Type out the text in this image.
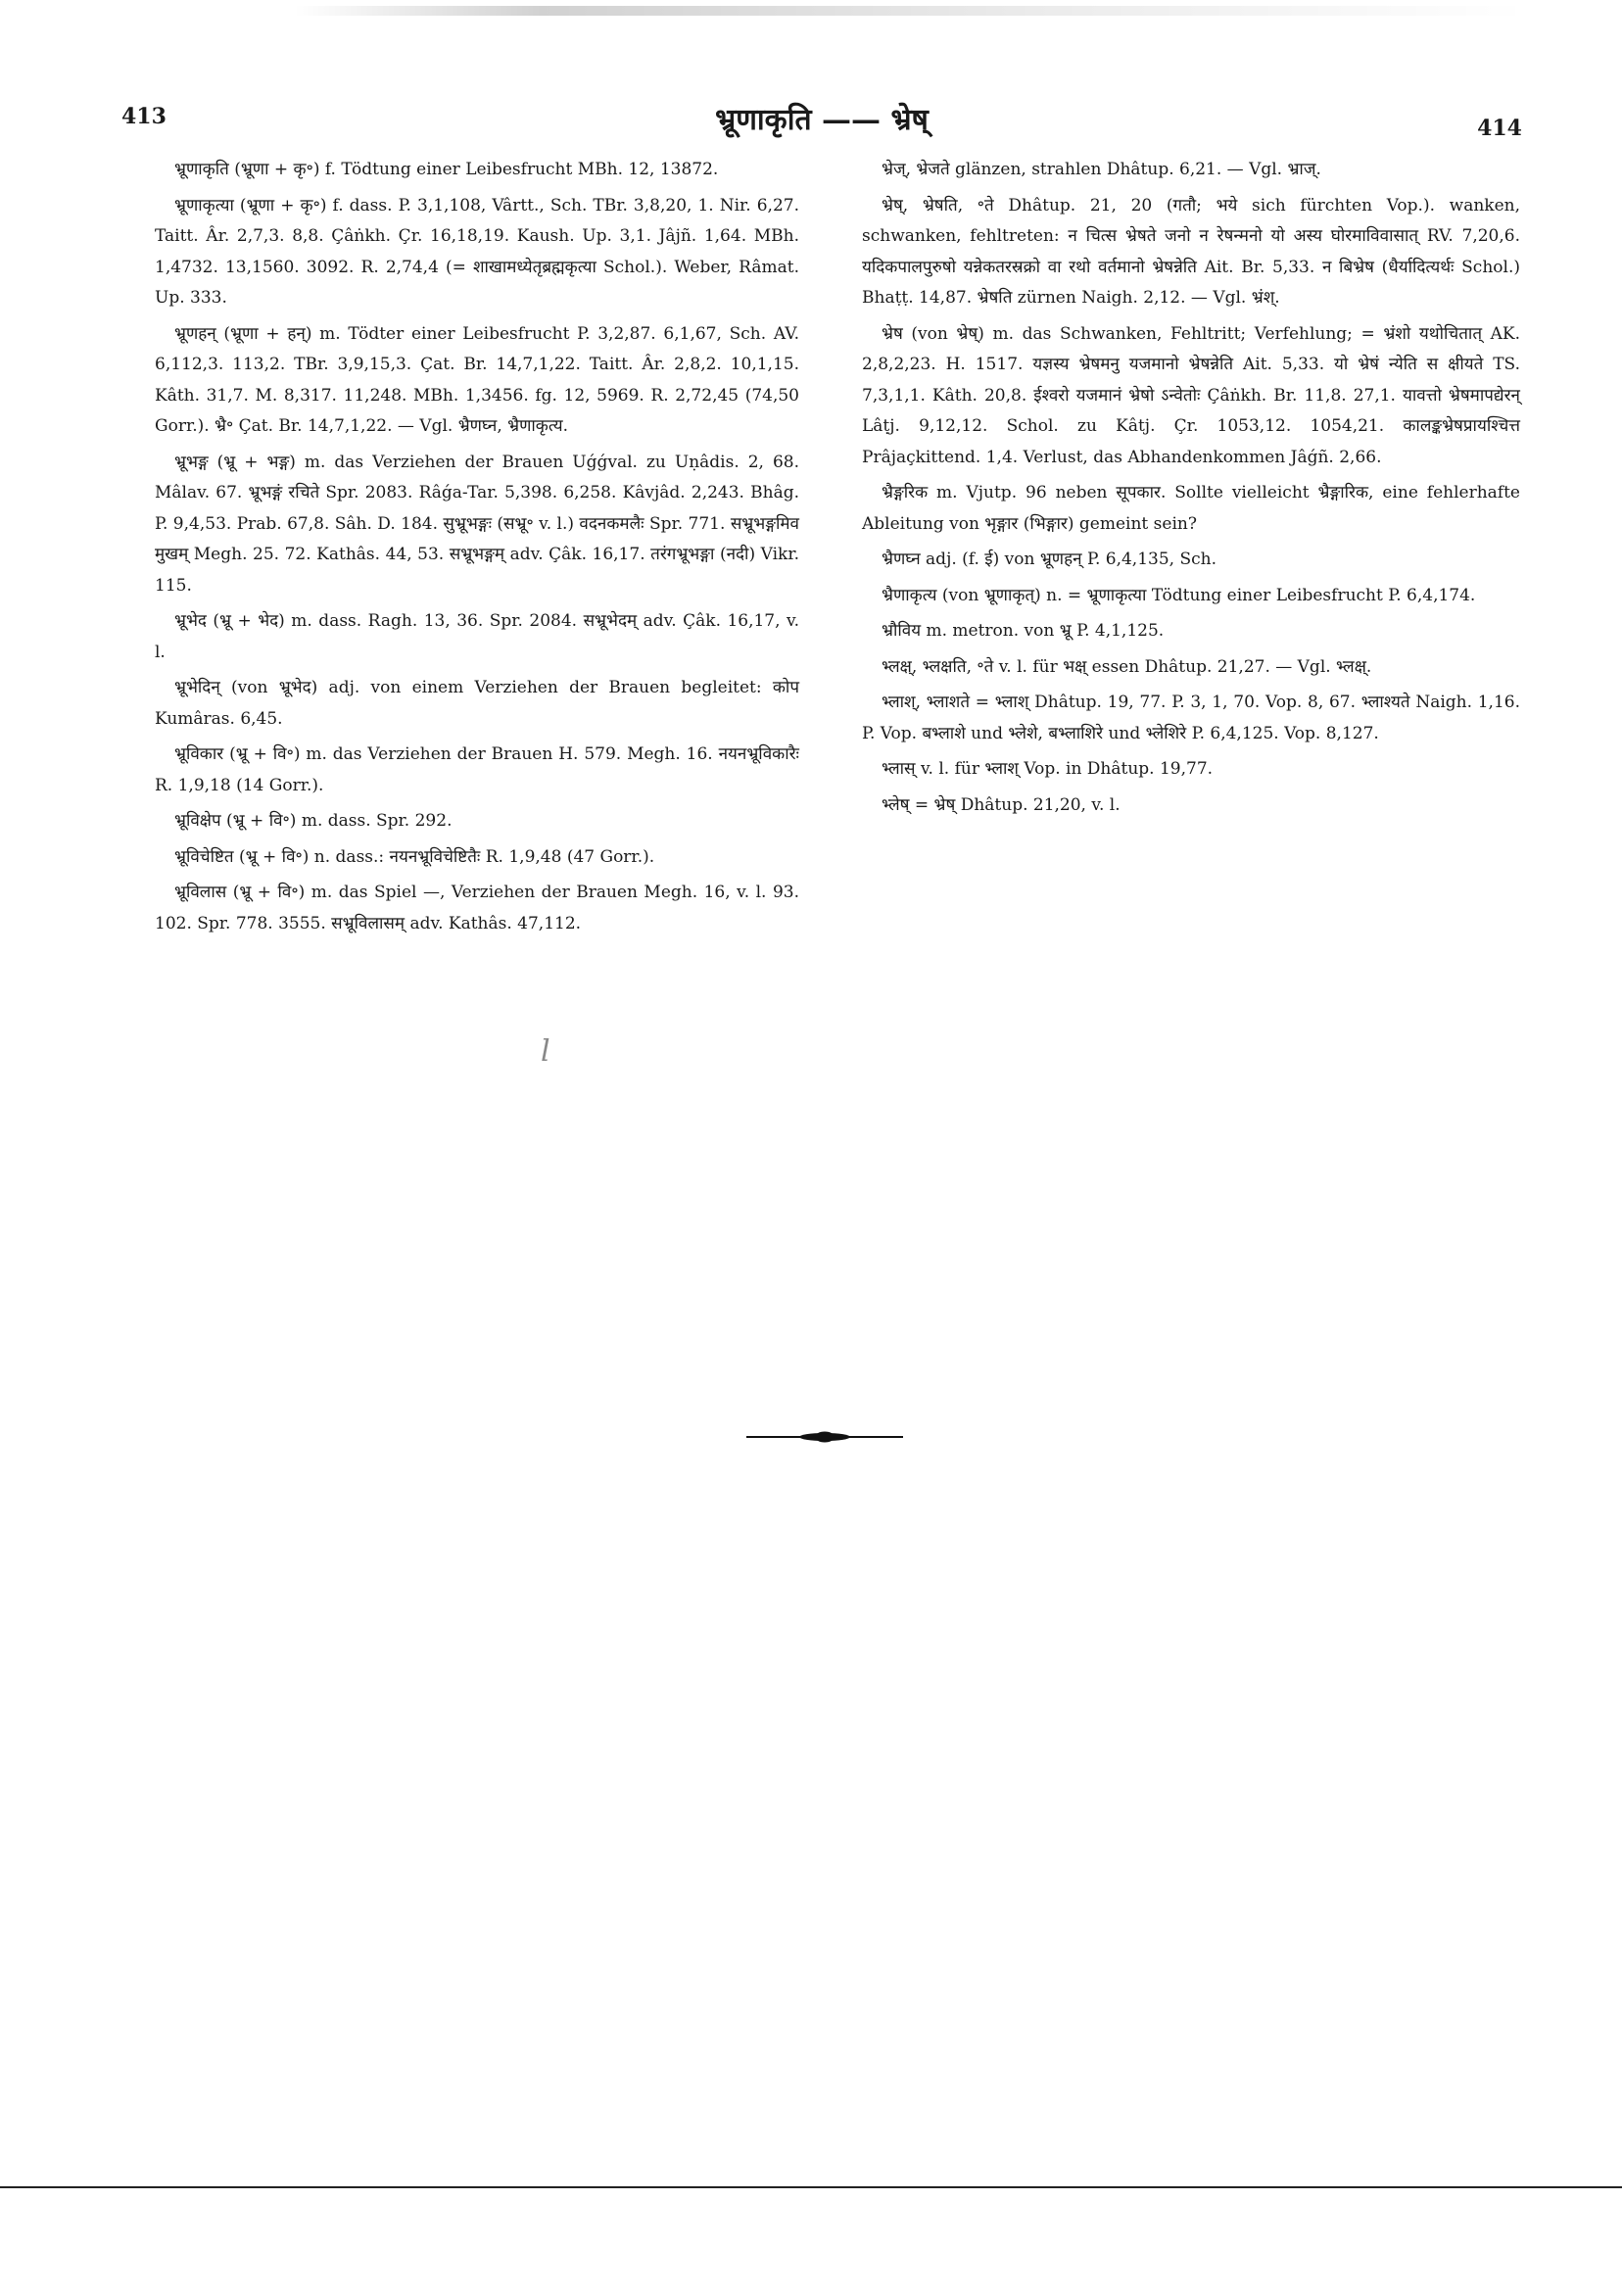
413	भ्रूणाकृति —— भ्रेष्	414

भ्रूणाकृति (भ्रूणा + कृ॰) f. Tödtung einer Leibesfrucht MBh. 12, 13872.

भ्रूणाकृत्या (भ्रूणा + कृ॰) f. dass. P. 3,1,108, Vârtt., Sch. TBr. 3,8,20, 1. Nir. 6,27. Taitt. Âr. 2,7,3. 8,8. Çâṅkh. Çr. 16,18,19. Kaush. Up. 3,1. Jâjñ. 1,64. MBh. 1,4732. 13,1560. 3092. R. 2,74,4 (= शाखामध्येतृब्रह्मकृत्या Schol.). Weber, Râmat. Up. 333.

भ्रूणहन् (भ्रूणा + हन्) m. Tödter einer Leibesfrucht P. 3,2,87. 6,1,67, Sch. AV. 6,112,3. 113,2. TBr. 3,9,15,3. Çat. Br. 14,7,1,22. Taitt. Âr. 2,8,2. 10,1,15. Kâth. 31,7. M. 8,317. 11,248. MBh. 1,3456. fg. 12, 5969. R. 2,72,45 (74,50 Gorr.). भ्रै॰ Çat. Br. 14,7,1,22. — Vgl. भ्रैणघ्न, भ्रैणाकृत्य.

भ्रूभङ्ग (भ्रू + भङ्ग) m. das Verziehen der Brauen Uǵǵval. zu Uṇâdis. 2, 68. Mâlav. 67. भ्रूभङ्गं रचिते Spr. 2083. Râǵa-Tar. 5,398. 6,258. Kâvjâd. 2,243. Bhâg. P. 9,4,53. Prab. 67,8. Sâh. D. 184. सुभ्रूभङ्गः (सभ्रू॰ v. l.) वदनकमलैः Spr. 771. सभ्रूभङ्गमिव मुखम् Megh. 25. 72. Kathâs. 44, 53. सभ्रूभङ्गम् adv. Çâk. 16,17. तरंगभ्रूभङ्गा (नदी) Vikr. 115.

भ्रूभेद (भ्रू + भेद) m. dass. Ragh. 13, 36. Spr. 2084. सभ्रूभेदम् adv. Çâk. 16,17, v. l.

भ्रूभेदिन् (von भ्रूभेद) adj. von einem Verziehen der Brauen begleitet: कोप Kumâras. 6,45.

भ्रूविकार (भ्रू + वि॰) m. das Verziehen der Brauen H. 579. Megh. 16. नयनभ्रूविकारैः R. 1,9,18 (14 Gorr.).

भ्रूविक्षेप (भ्रू + वि॰) m. dass. Spr. 292.

भ्रूविचेष्टित (भ्रू + वि॰) n. dass.: नयनभ्रूविचेष्टितैः R. 1,9,48 (47 Gorr.).

भ्रूविलास (भ्रू + वि॰) m. das Spiel —, Verziehen der Brauen Megh. 16, v. l. 93. 102. Spr. 778. 3555. सभ्रूविलासम् adv. Kathâs. 47,112.

भ्रेज्, भ्रेजते glänzen, strahlen Dhâtup. 6,21. — Vgl. भ्राज्.

भ्रेष्, भ्रेषति, ॰ते Dhâtup. 21, 20 (गतौ; भये sich fürchten Vop.). wanken, schwanken, fehltreten: न चित्स भ्रेषते जनो न रेषन्मनो यो अस्य घोरमाविवासात् RV. 7,20,6. यदिकपालपुरुषो यन्नेकतरस्रक्रो वा रथो वर्तमानो भ्रेषन्नेति Ait. Br. 5,33. न बिभ्रेष (धैर्यादित्यर्थः Schol.) Bhaṭṭ. 14,87. भ्रेषति zürnen Naigh. 2,12. — Vgl. भ्रंश्.

भ्रेष (von भ्रेष्) m. das Schwanken, Fehltritt; Verfehlung; = भ्रंशो यथोचितात् AK. 2,8,2,23. H. 1517. यज्ञस्य भ्रेषमनु यजमानो भ्रेषन्नेति Ait. 5,33. यो भ्रेषं न्येति स क्षीयते TS. 7,3,1,1. Kâth. 20,8. ईश्वरो यजमानं भ्रेषो ऽन्वेतोः Çâṅkh. Br. 11,8. 27,1. यावत्तो भ्रेषमापद्येरन् Lâṭj. 9,12,12. Schol. zu Kâtj. Çr. 1053,12. 1054,21. कालङ्कभ्रेषप्रायश्चित्त Prâjaçkittend. 1,4. Verlust, das Abhandenkommen Jâǵñ. 2,66.

भ्रैङ्गरिक m. Vjutp. 96 neben सूपकार. Sollte vielleicht भ्रैङ्गारिक, eine fehlerhafte Ableitung von भृङ्गार (भिङ्गार) gemeint sein?

भ्रैणघ्न adj. (f. ई) von भ्रूणहन् P. 6,4,135, Sch.

भ्रैणाकृत्य (von भ्रूणाकृत्) n. = भ्रूणाकृत्या Tödtung einer Leibesfrucht P. 6,4,174.

भ्रौविय m. metron. von भ्रू P. 4,1,125.

भ्लक्ष्, भ्लक्षति, ॰ते v. l. für भक्ष् essen Dhâtup. 21,27. — Vgl. भ्लक्ष्.

भ्लाश्, भ्लाशते = भ्लाश् Dhâtup. 19, 77. P. 3, 1, 70. Vop. 8, 67. भ्लाश्यते Naigh. 1,16. P. Vop. बभ्लाशे und भ्लेशे, बभ्लाशिरे und भ्लेशिरे P. 6,4,125. Vop. 8,127.

भ्लास् v. l. für भ्लाश् Vop. in Dhâtup. 19,77.

भ्लेष् = भ्रेष् Dhâtup. 21,20, v. l.

l
